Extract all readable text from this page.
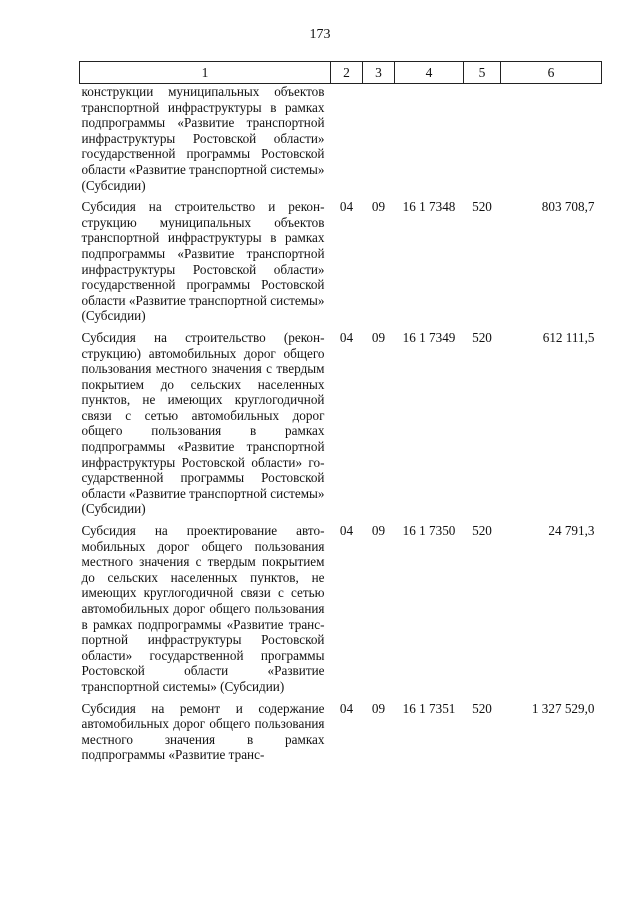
173
1	2	3	4	5	6
конструкции муниципальных объектов транспортной инфраструктуры в рамках подпрограммы «Развитие транспортной инфраструктуры Ростовской области» государственной программы Ростовской области «Развитие транспортной системы» (Субсидии)					
Субсидия на строительство и реконструкцию муниципальных объектов транспортной инфраструктуры в рамках подпрограммы «Развитие транспортной инфраструктуры Ростовской области» государственной программы Ростовской области «Развитие транспортной системы» (Субсидии)	04	09	16 1 7348	520	803 708,7
Субсидия на строительство (реконструкцию) автомобильных дорог общего пользования местного значения с твердым покрытием до сельских населенных пунктов, не имеющих круглогодичной связи с сетью автомобильных дорог общего пользования в рамках подпрограммы «Развитие транспортной инфраструктуры Ростовской области» государственной программы Ростовской области «Развитие транспортной системы» (Субсидии)	04	09	16 1 7349	520	612 111,5
Субсидия на проектирование автомобильных дорог общего пользования местного значения с твердым покрытием до сельских населенных пунктов, не имеющих круглогодичной связи с сетью автомобильных дорог общего пользования в рамках подпрограммы «Развитие транспортной инфраструктуры Ростовской области» государственной программы Ростовской области «Развитие транспортной системы» (Субсидии)	04	09	16 1 7350	520	24 791,3
Субсидия на ремонт и содержание автомобильных дорог общего пользования местного значения в рамках подпрограммы «Развитие транс-	04	09	16 1 7351	520	1 327 529,0
